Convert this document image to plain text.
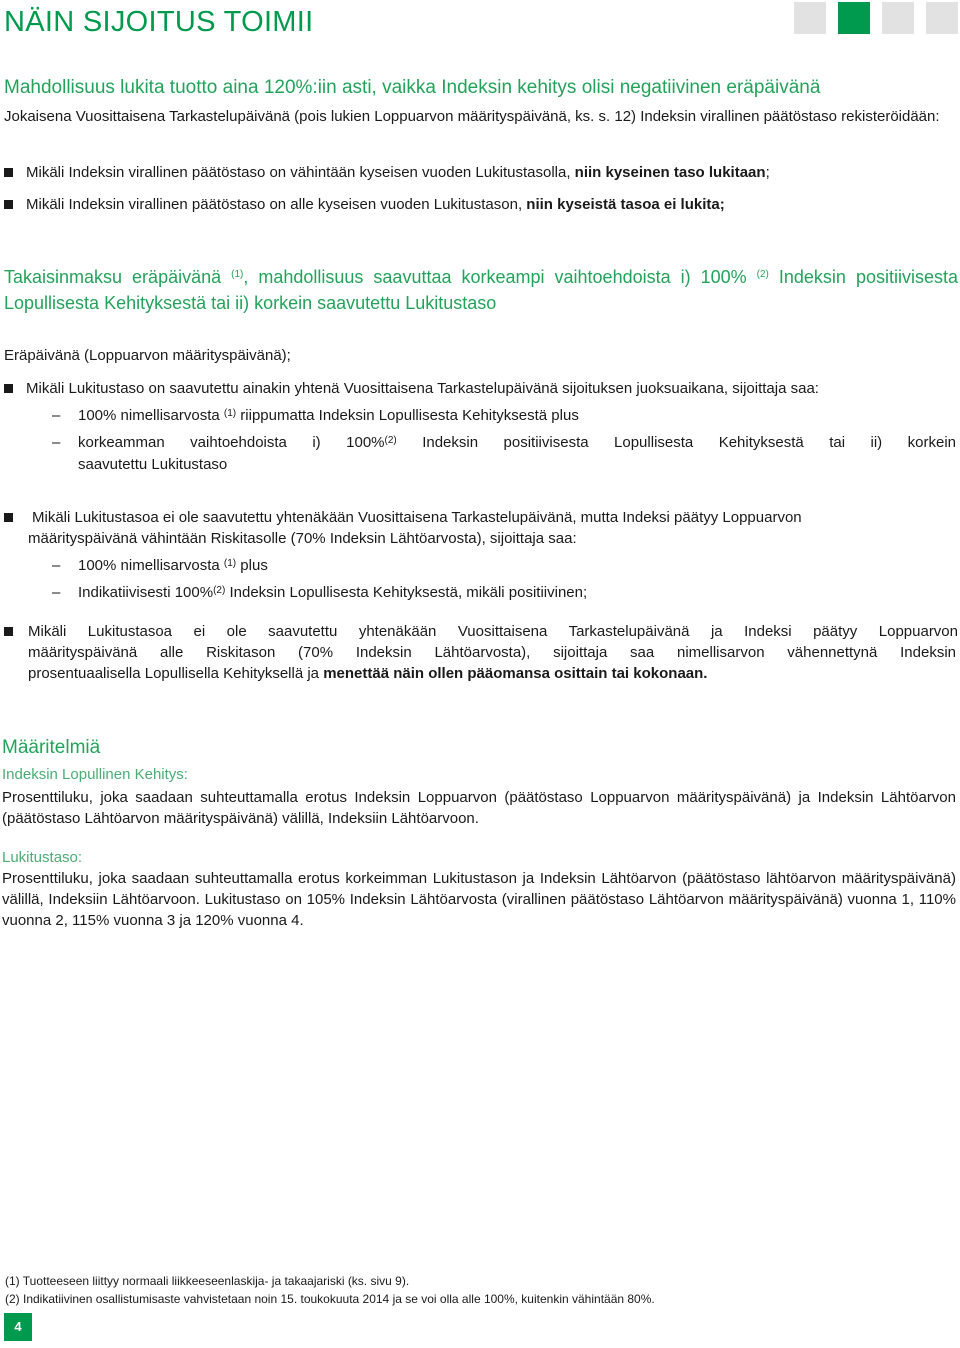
NÄIN SIJOITUS TOIMII
Mahdollisuus lukita tuotto aina 120%:iin asti, vaikka Indeksin kehitys olisi negatiivinen eräpäivänä
Jokaisena Vuosittaisena Tarkastelupäivänä (pois lukien Loppuarvon määrityspäivänä, ks. s. 12) Indeksin virallinen päätöstaso rekisteröidään:
Mikäli Indeksin virallinen päätöstaso on vähintään kyseisen vuoden Lukitustasolla, niin kyseinen taso lukitaan;
Mikäli Indeksin virallinen päätöstaso on alle kyseisen vuoden Lukitustason, niin kyseistä tasoa ei lukita;
Takaisinmaksu eräpäivänä $^{(1)}$, mahdollisuus saavuttaa korkeampi vaihtoehdoista i) 100% $^{(2)}$ Indeksin positiivisesta Lopullisesta Kehityksestä tai ii) korkein saavutettu Lukitustaso
Eräpäivänä (Loppuarvon määrityspäivänä);
Mikäli Lukitustaso on saavutettu ainakin yhtenä Vuosittaisena Tarkastelupäivänä sijoituksen juoksuaikana, sijoittaja saa:
– 100% nimellisarvosta $^{(1)}$ riippumatta Indeksin Lopullisesta Kehityksestä plus
– korkeamman vaihtoehdoista i) 100%$^{(2)}$ Indeksin positiivisesta Lopullisesta Kehityksestä tai ii) korkein
saavutettu Lukitustaso
Mikäli Lukitustasoa ei ole saavutettu yhtenäkään Vuosittaisena Tarkastelupäivänä, mutta Indeksi päätyy Loppuarvon
määrityspäivänä vähintään Riskitasolle (70% Indeksin Lähtöarvosta), sijoittaja saa:
– 100% nimellisarvosta $^{(1)}$ plus
– Indikatiivisesti 100%$^{(2)}$ Indeksin Lopullisesta Kehityksestä, mikäli positiivinen;
Mikäli Lukitustasoa ei ole saavutettu yhtenäkään Vuosittaisena Tarkastelupäivänä ja Indeksi päätyy Loppuarvon
määrityspäivänä alle Riskitason (70% Indeksin Lähtöarvosta), sijoittaja saa nimellisarvon vähennettynä Indeksin
prosentuaalisella Lopullisella Kehityksellä ja menettää näin ollen pääomansa osittain tai kokonaan.
Määritelmiä
Indeksin Lopullinen Kehitys:
Prosenttiluku, joka saadaan suhteuttamalla erotus Indeksin Loppuarvon (päätöstaso Loppuarvon määrityspäivänä) ja Indeksin Lähtöarvon (päätöstaso Lähtöarvon määrityspäivänä) välillä, Indeksiin Lähtöarvoon.
Lukitustaso:
Prosenttiluku, joka saadaan suhteuttamalla erotus korkeimman Lukitustason ja Indeksin Lähtöarvon (päätöstaso lähtöarvon määrityspäivänä) välillä, Indeksiin Lähtöarvoon. Lukitustaso on 105% Indeksin Lähtöarvosta (virallinen päätöstaso Lähtöarvon määrityspäivänä) vuonna 1, 110% vuonna 2, 115% vuonna 3 ja 120% vuonna 4.
(1) Tuotteeseen liittyy normaali liikkeeseenlaskija- ja takaajariski (ks. sivu 9).
(2) Indikatiivinen osallistumisaste vahvistetaan noin 15. toukokuuta 2014 ja se voi olla alle 100%, kuitenkin vähintään 80%.
4
